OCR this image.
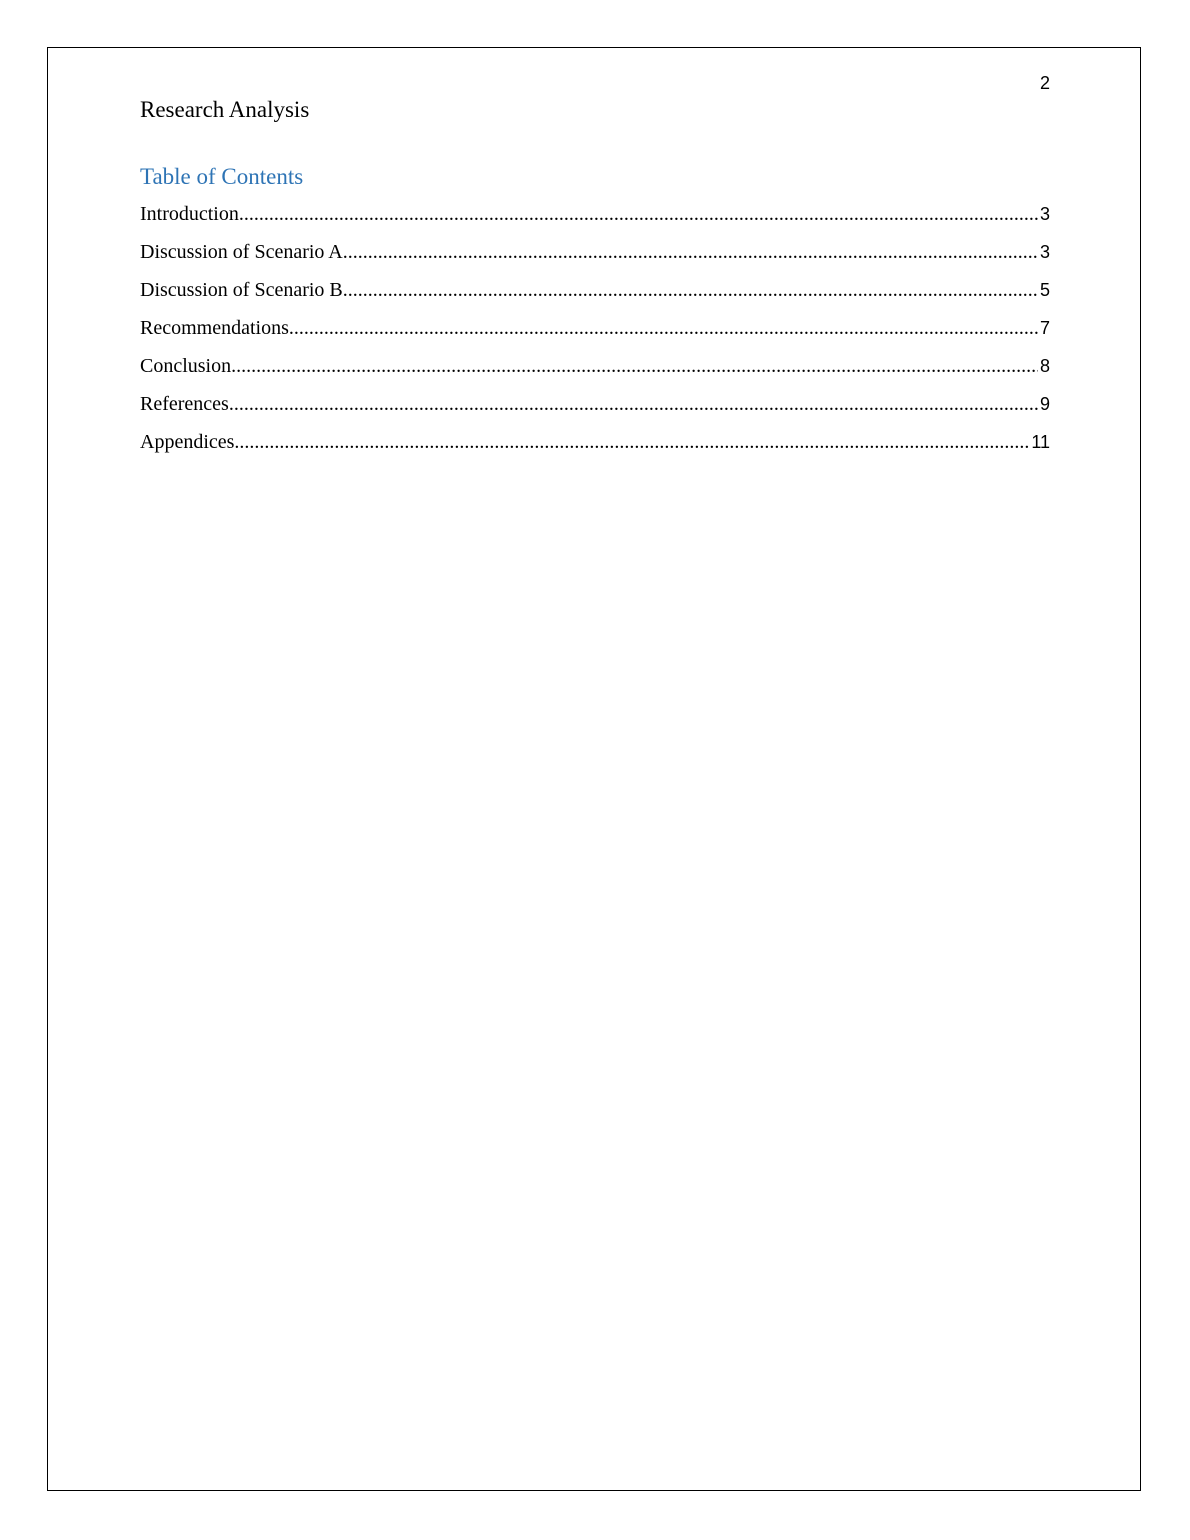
2
Research Analysis
Table of Contents
Introduction .....	3
Discussion of Scenario A .....	3
Discussion of Scenario B .....	5
Recommendations .....	7
Conclusion .....	8
References .....	9
Appendices .....	11
